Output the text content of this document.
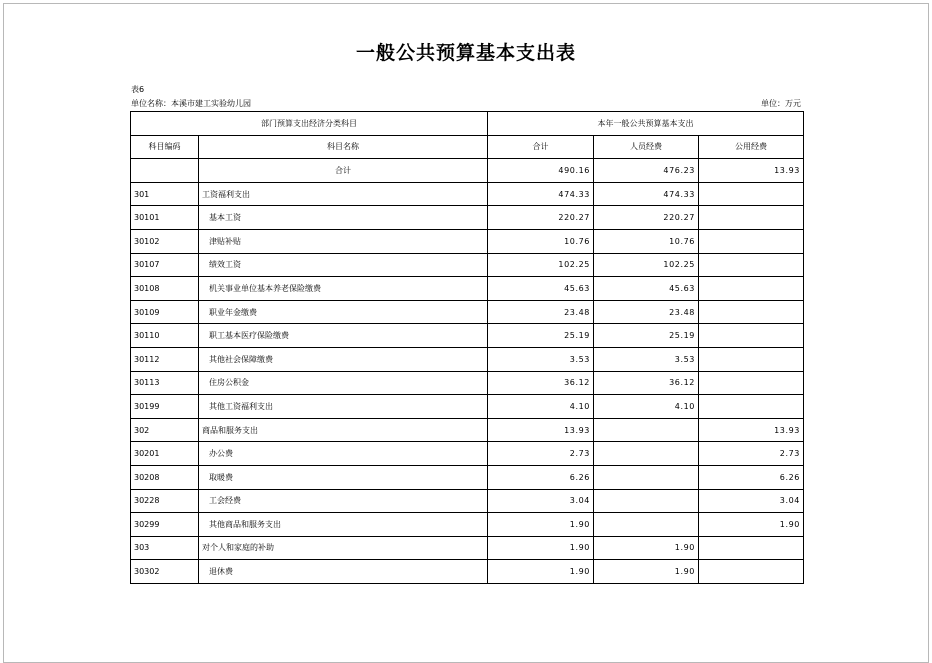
一般公共预算基本支出表
表6
单位名称：本溪市建工实验幼儿园	单位：万元
部门预算支出经济分类科目		本年一般公共预算基本支出		
科目编码	科目名称	合计	人员经费	公用经费
	合计	490.16	476.23	13.93
301	工资福利支出	474.33	474.33	
30101	基本工资	220.27	220.27	
30102	津贴补贴	10.76	10.76	
30107	绩效工资	102.25	102.25	
30108	机关事业单位基本养老保险缴费	45.63	45.63	
30109	职业年金缴费	23.48	23.48	
30110	职工基本医疗保险缴费	25.19	25.19	
30112	其他社会保障缴费	3.53	3.53	
30113	住房公积金	36.12	36.12	
30199	其他工资福利支出	4.10	4.10	
302	商品和服务支出	13.93		13.93
30201	办公费	2.73		2.73
30208	取暖费	6.26		6.26
30228	工会经费	3.04		3.04
30299	其他商品和服务支出	1.90		1.90
303	对个人和家庭的补助	1.90	1.90	
30302	退休费	1.90	1.90	
